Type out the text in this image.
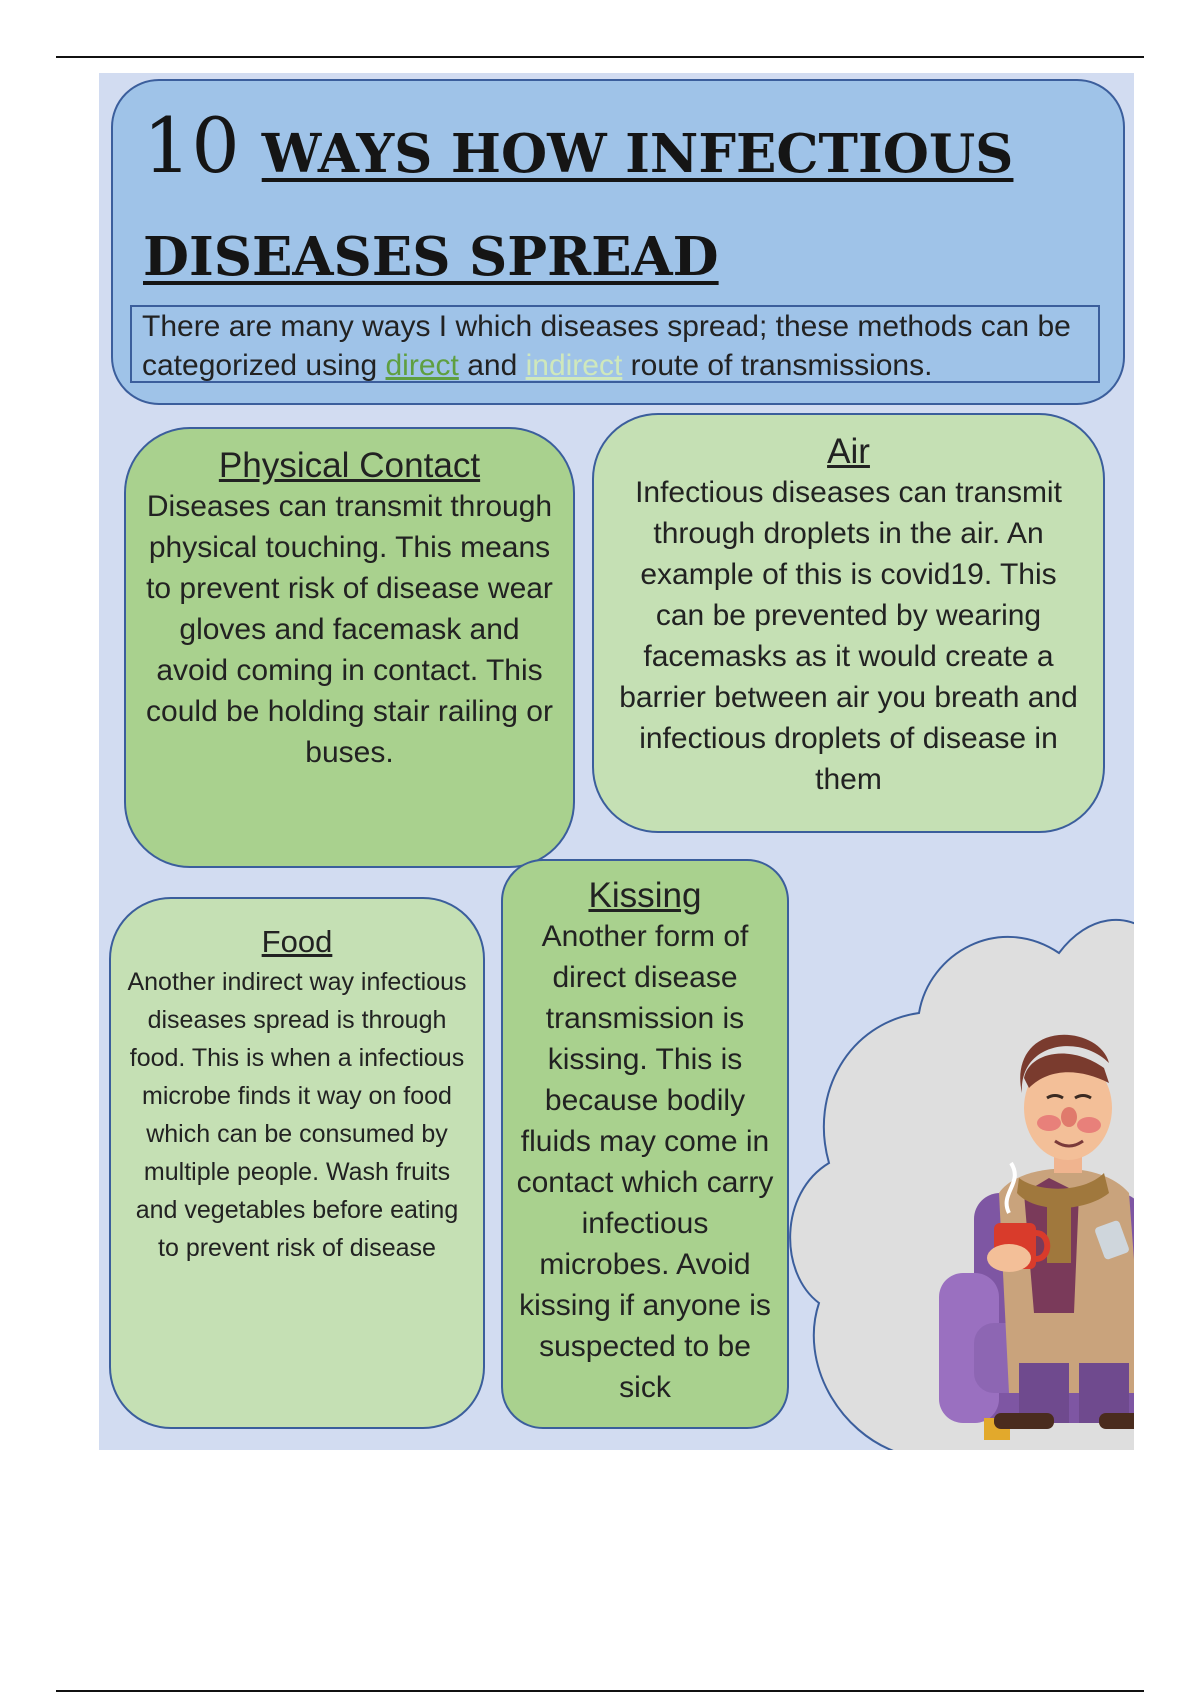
10 WAYS HOW INFECTIOUS DISEASES SPREAD
There are many ways I which diseases spread; these methods can be categorized using direct and indirect route of transmissions.
Physical Contact

Diseases can transmit through physical touching. This means to prevent risk of disease wear gloves and facemask and avoid coming in contact. This could be holding stair railing or buses.

Air

Infectious diseases can transmit through droplets in the air. An example of this is covid19. This can be prevented by wearing facemasks as it would create a barrier between air you breath and infectious droplets of disease in them

Food

Another indirect way infectious diseases spread is through food. This is when a infectious microbe finds it way on food which can be consumed by multiple people. Wash fruits and vegetables before eating to prevent risk of disease

Kissing

Another form of direct disease transmission is kissing. This is because bodily fluids may come in contact which carry infectious microbes. Avoid kissing if anyone is suspected to be sick
